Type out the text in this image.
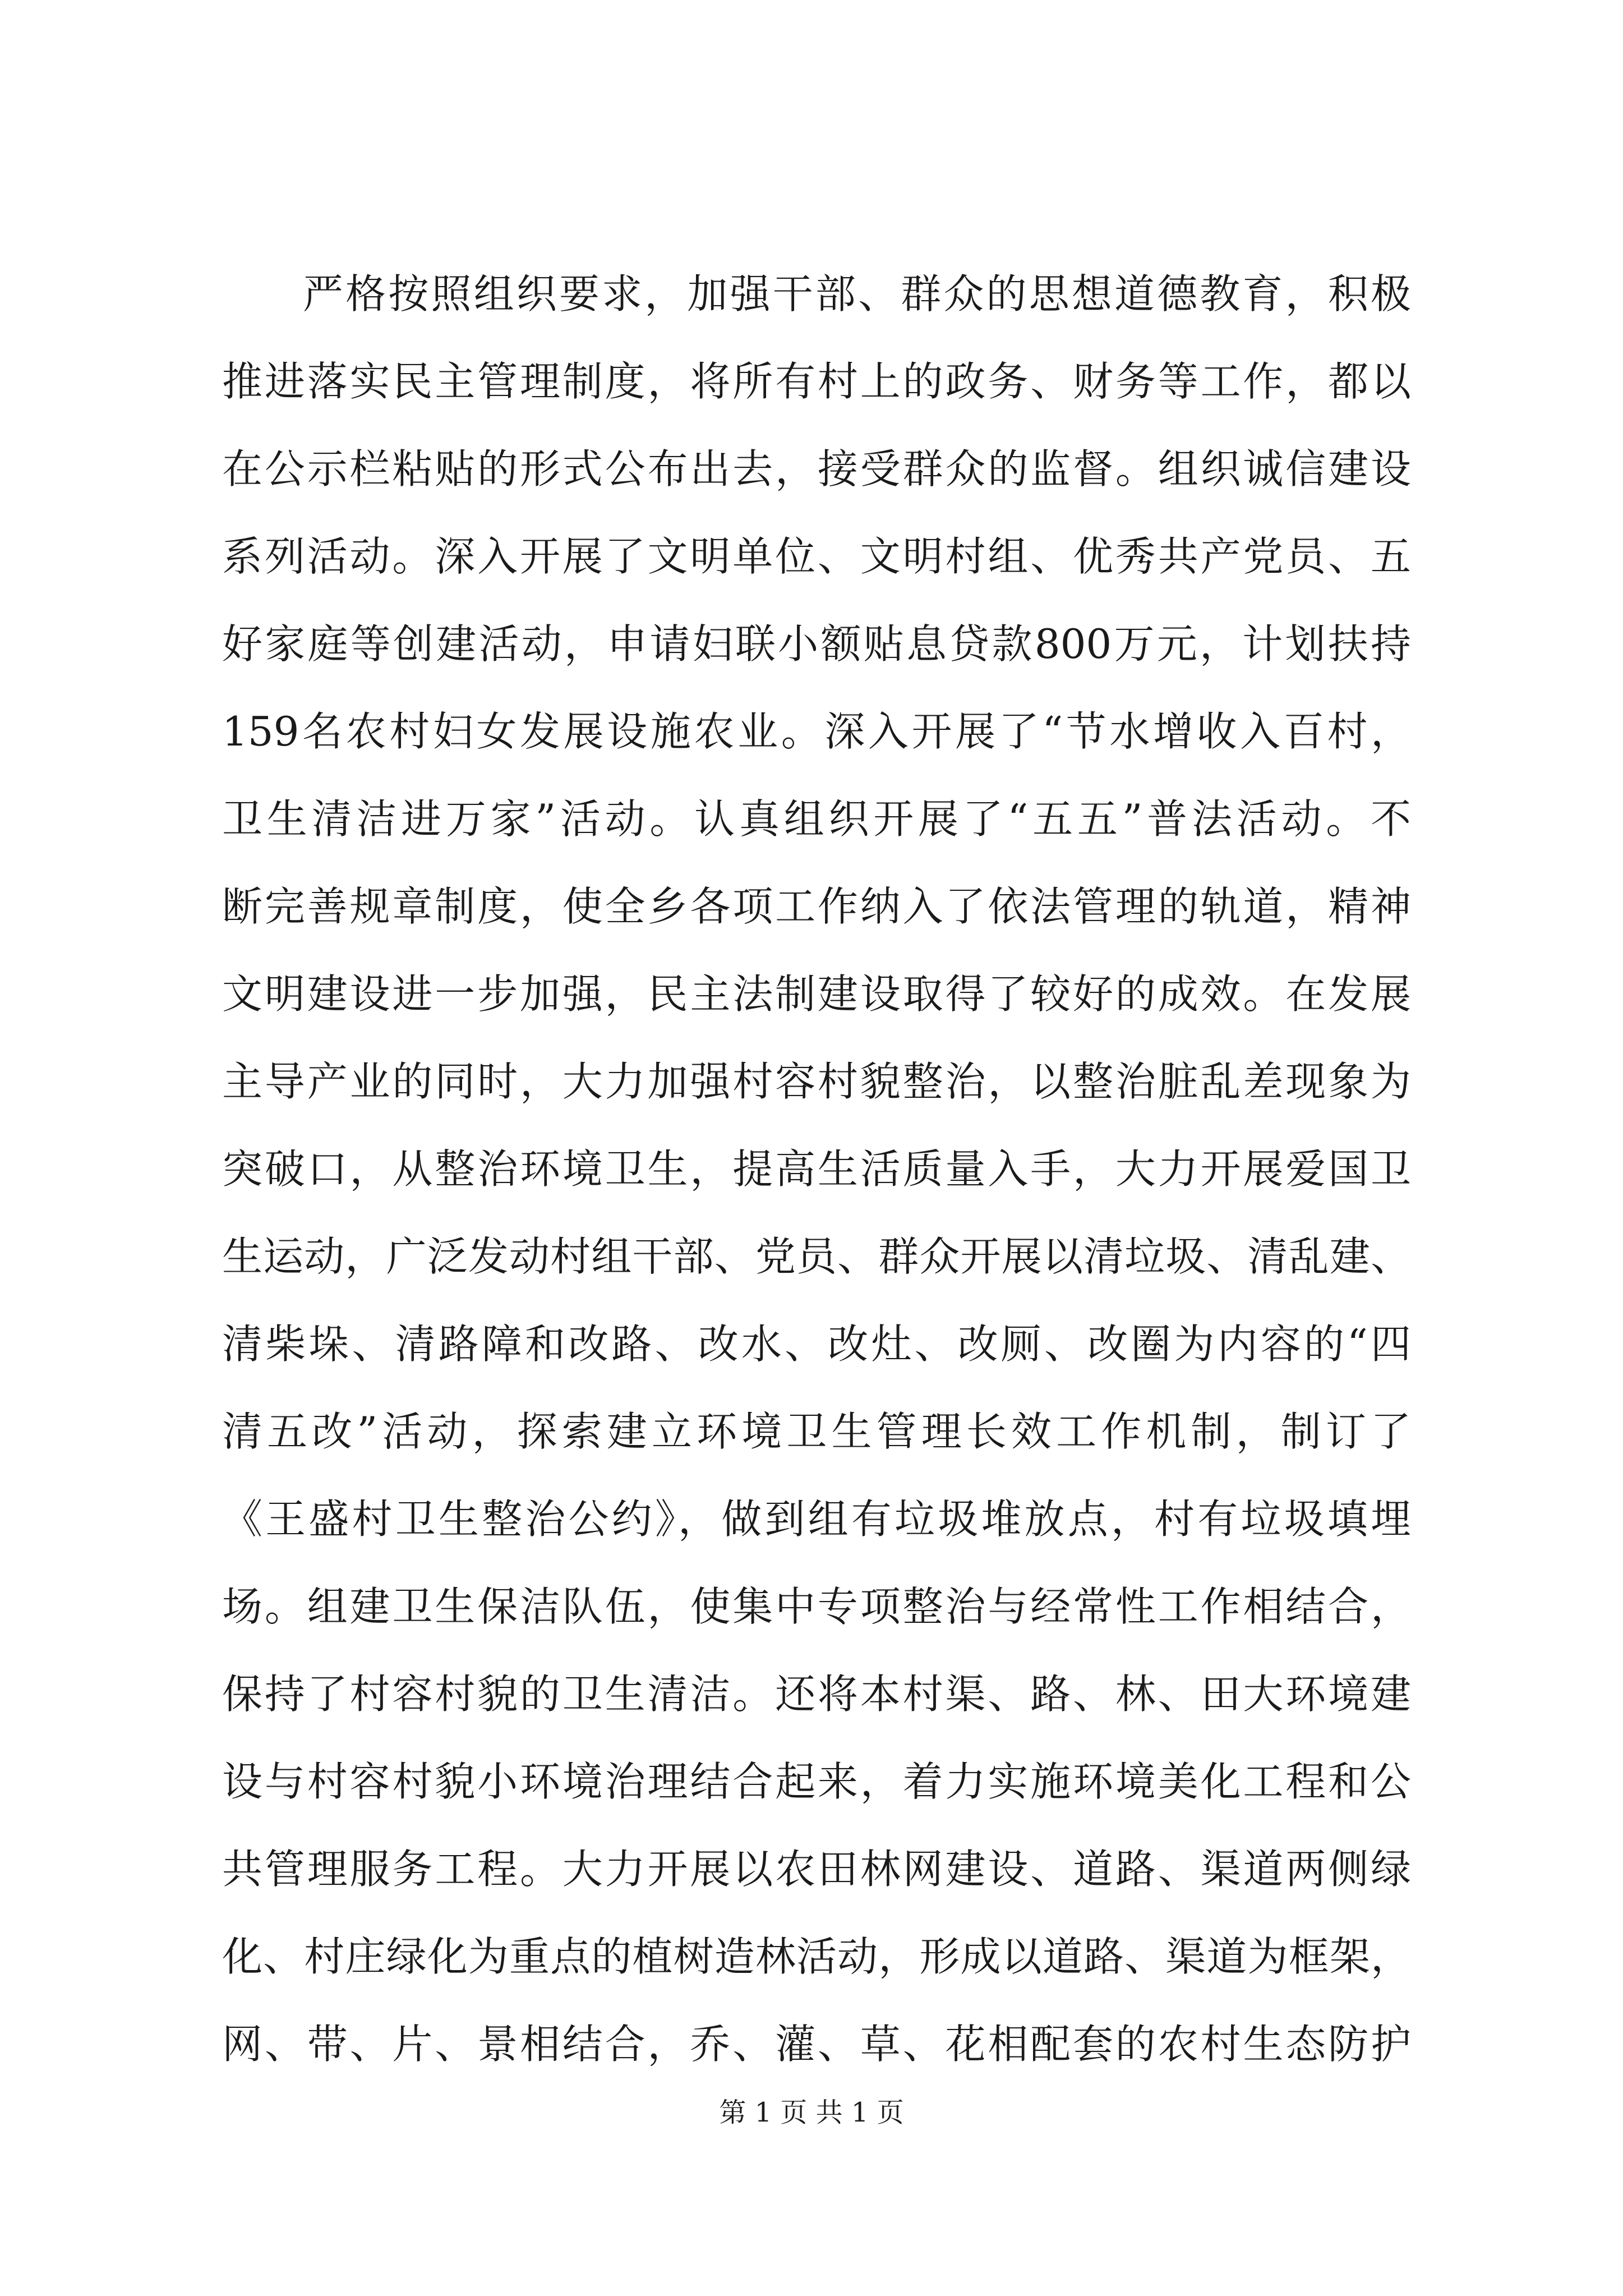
严格按照组织要求，加强干部、群众的思想道德教育，积极
推进落实民主管理制度，将所有村上的政务、财务等工作，都以
在公示栏粘贴的形式公布出去，接受群众的监督。组织诚信建设
系列活动。深入开展了文明单位、文明村组、优秀共产党员、五
好家庭等创建活动，申请妇联小额贴息贷款800万元，计划扶持
159名农村妇女发展设施农业。深入开展了“节水增收入百村，
卫生清洁进万家”活动。认真组织开展了“五五”普法活动。不
断完善规章制度，使全乡各项工作纳入了依法管理的轨道，精神
文明建设进一步加强，民主法制建设取得了较好的成效。在发展
主导产业的同时，大力加强村容村貌整治，以整治脏乱差现象为
突破口，从整治环境卫生，提高生活质量入手，大力开展爱国卫
生运动，广泛发动村组干部、党员、群众开展以清垃圾、清乱建、
清柴垛、清路障和改路、改水、改灶、改厕、改圈为内容的“四
清五改”活动，探索建立环境卫生管理长效工作机制，制订了
《王盛村卫生整治公约》，做到组有垃圾堆放点，村有垃圾填埋
场。组建卫生保洁队伍，使集中专项整治与经常性工作相结合，
保持了村容村貌的卫生清洁。还将本村渠、路、林、田大环境建
设与村容村貌小环境治理结合起来，着力实施环境美化工程和公
共管理服务工程。大力开展以农田林网建设、道路、渠道两侧绿
化、村庄绿化为重点的植树造林活动，形成以道路、渠道为框架，
网、带、片、景相结合，乔、灌、草、花相配套的农村生态防护
第 1 页 共 1 页
